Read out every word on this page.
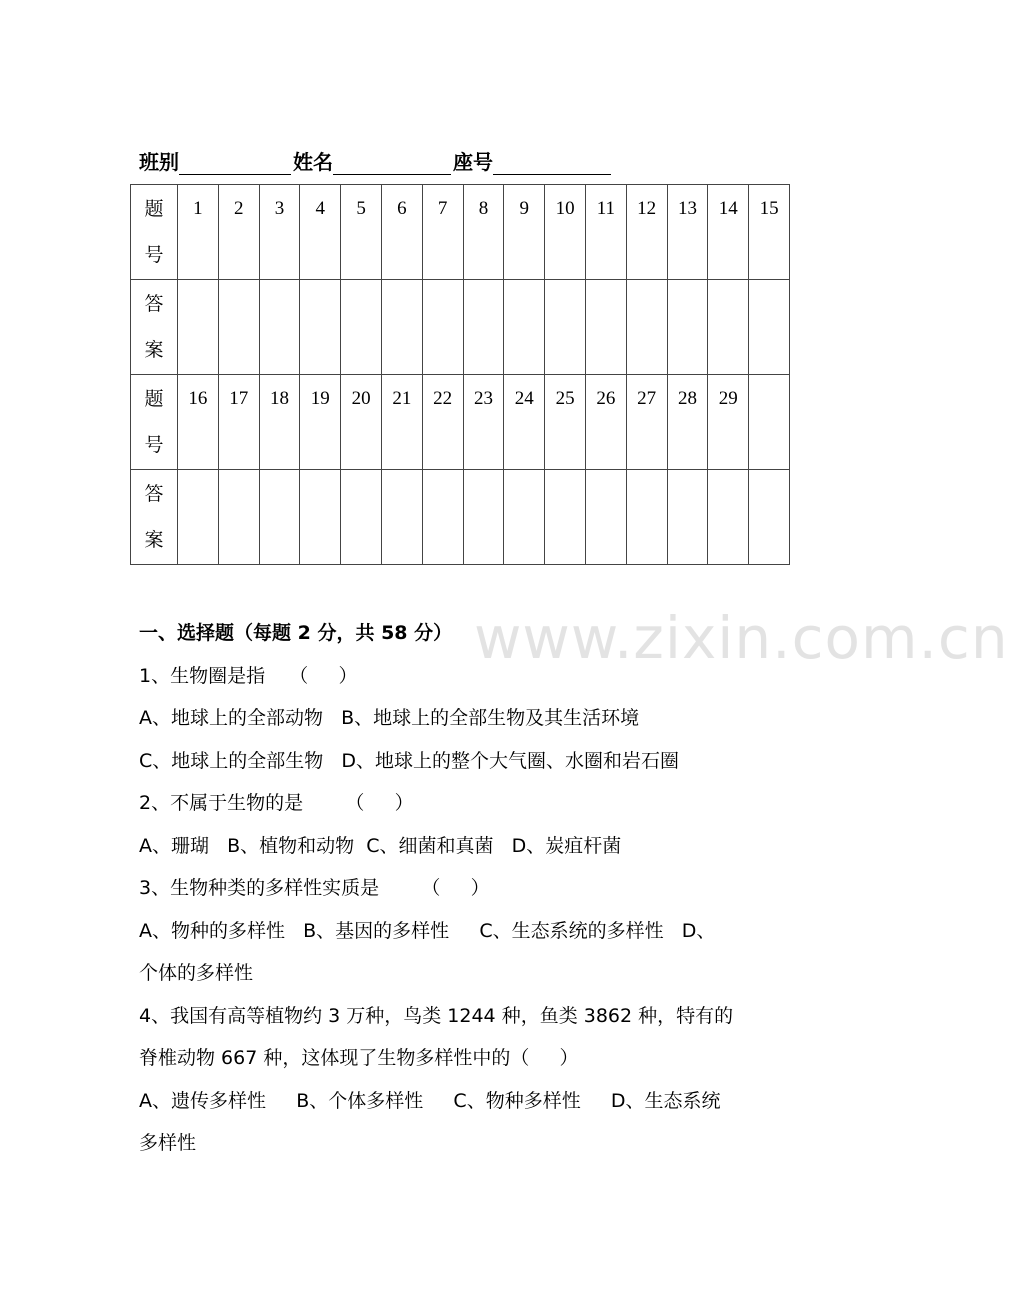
班别	姓名	座号
题
号	1	2	3	4	5	6	7	8	9	10	11	12	13	14	15

答
案															

题
号	16	17	18	19	20	21	22	23	24	25	26	27	28	29	

答
案															

www.zixin.com.cn

一、选择题（每题 2 分，共 58 分）

1、生物圈是指    （     ）

A、地球上的全部动物   B、地球上的全部生物及其生活环境

C、地球上的全部生物   D、地球上的整个大气圈、水圈和岩石圈

2、不属于生物的是       （     ）

A、珊瑚   B、植物和动物  C、细菌和真菌   D、炭疽杆菌

3、生物种类的多样性实质是       （     ）

A、物种的多样性   B、基因的多样性     C、生态系统的多样性   D、

个体的多样性

4、我国有高等植物约 3 万种，鸟类 1244 种，鱼类 3862 种，特有的

脊椎动物 667 种，这体现了生物多样性中的（     ）

A、遗传多样性     B、个体多样性     C、物种多样性     D、生态系统

多样性
